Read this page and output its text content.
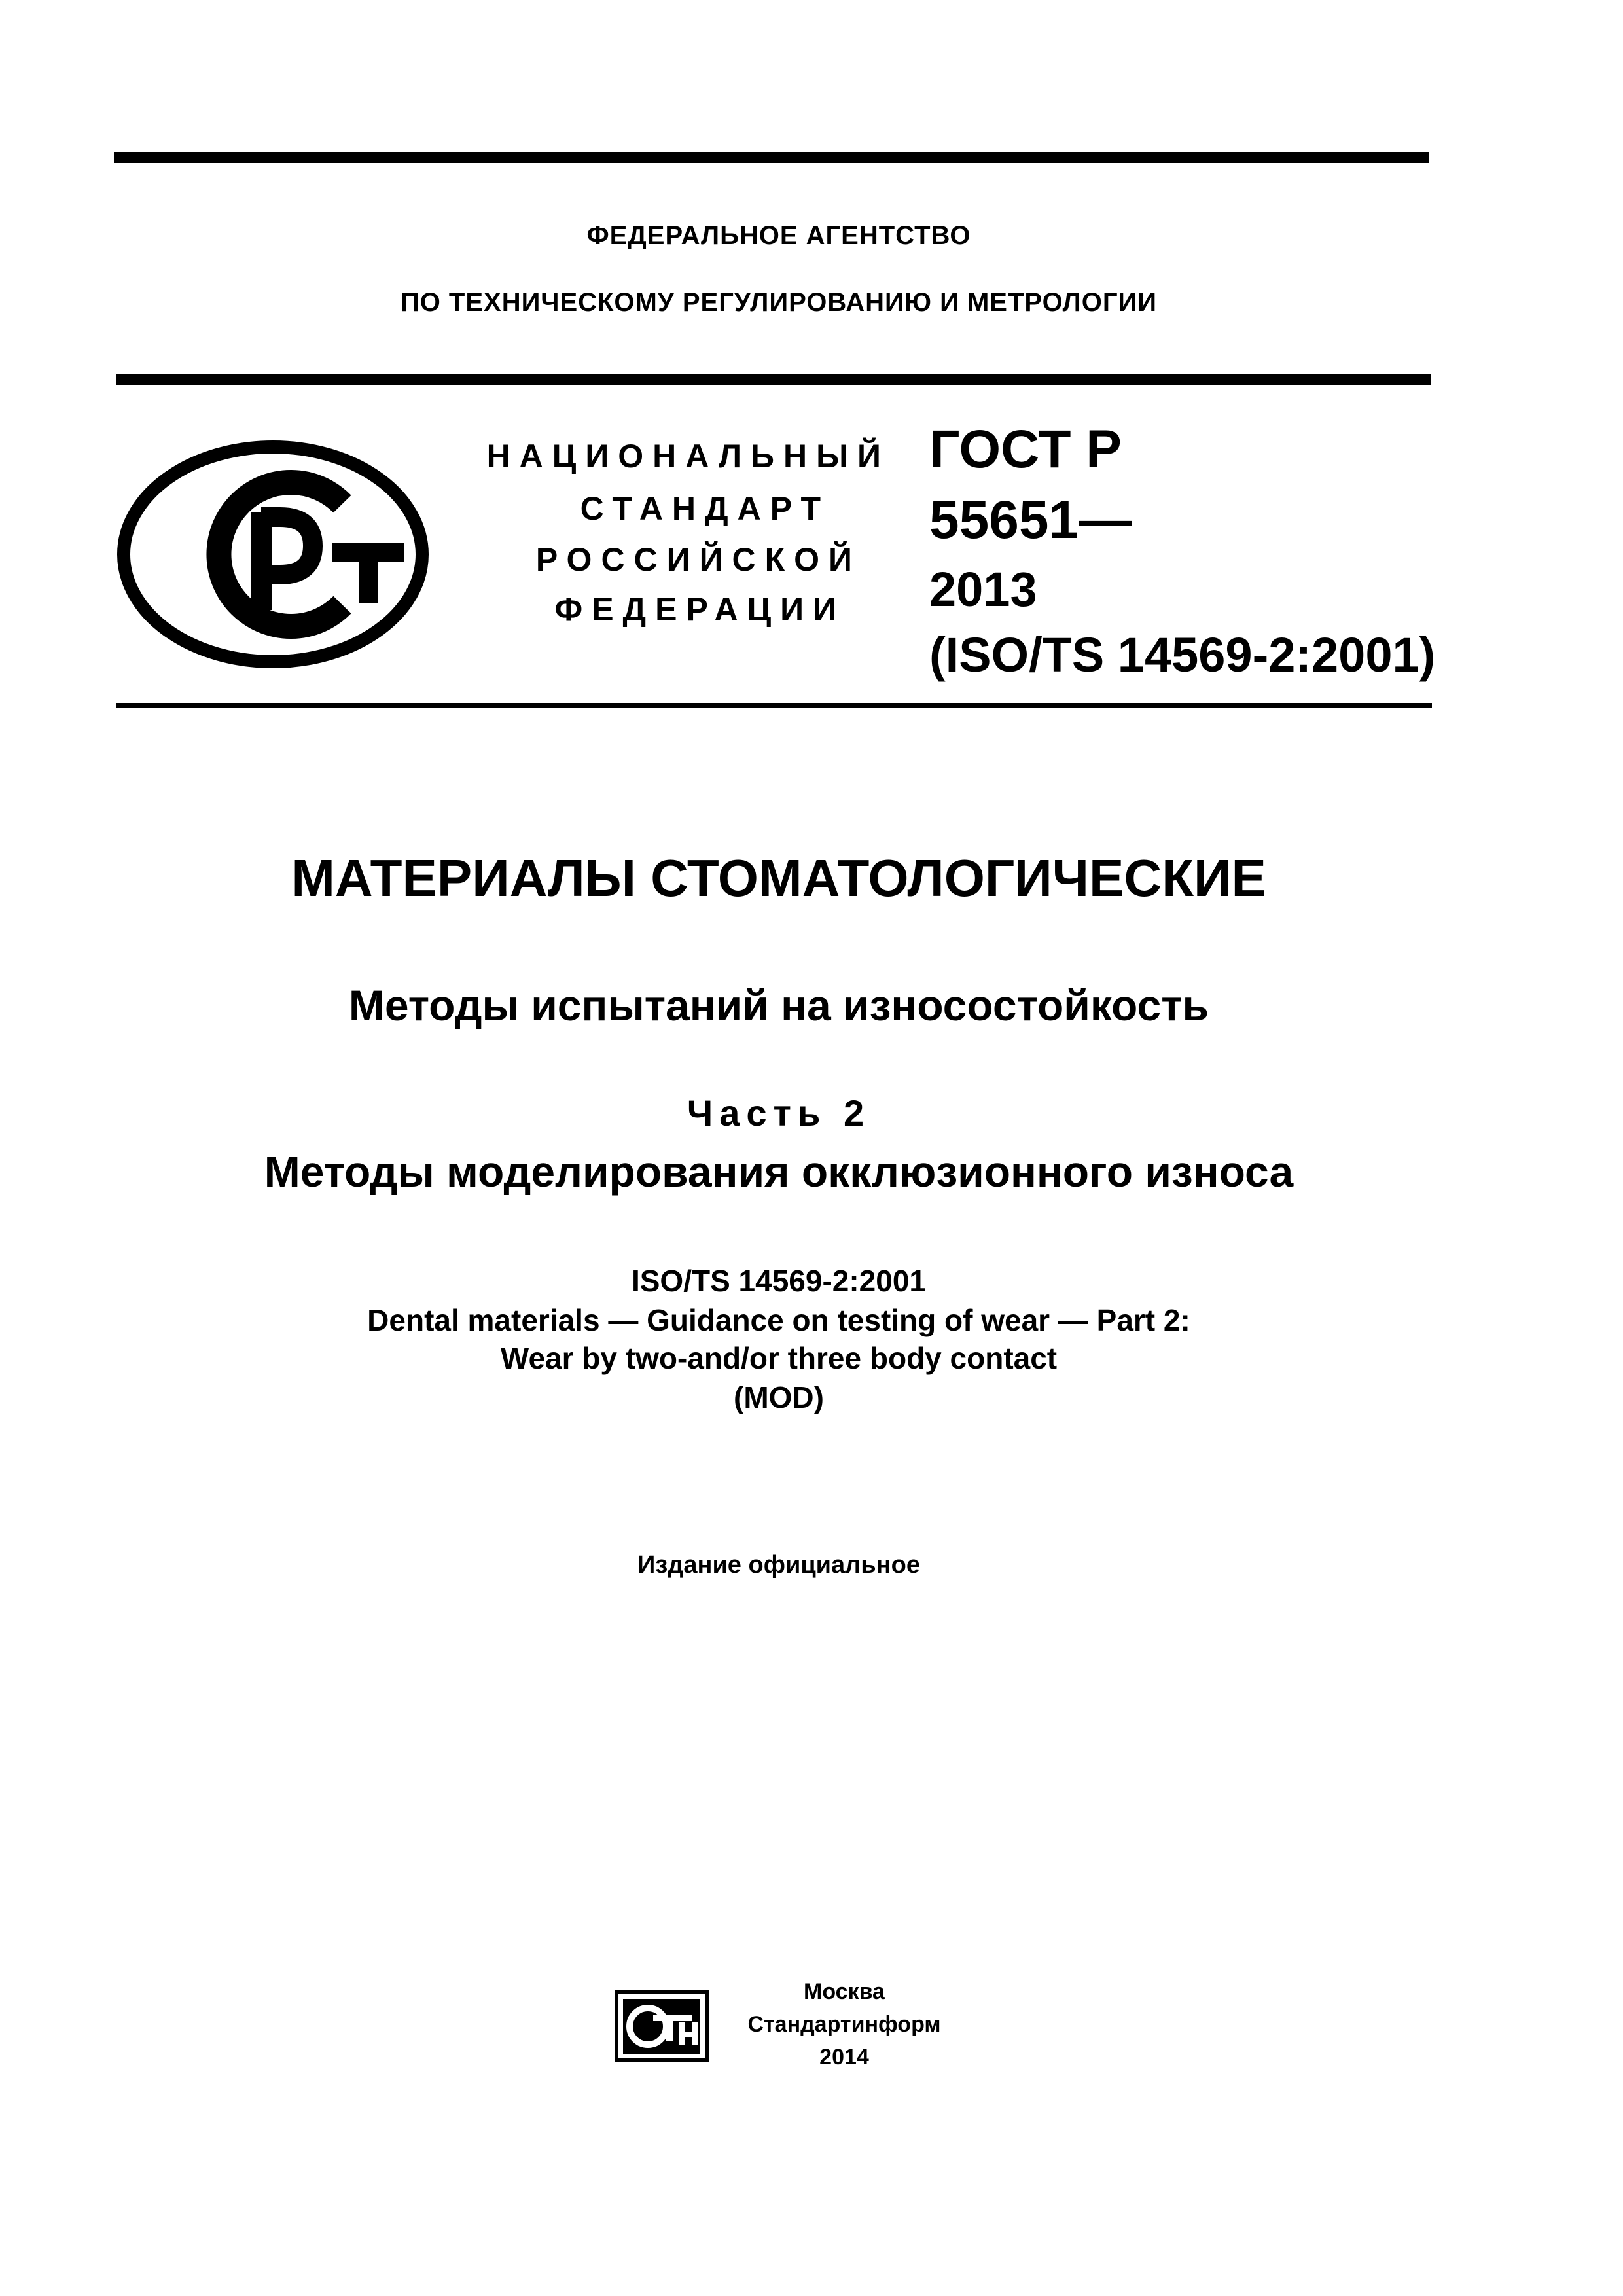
ФЕДЕРАЛЬНОЕ АГЕНТСТВО
ПО ТЕХНИЧЕСКОМУ РЕГУЛИРОВАНИЮ И МЕТРОЛОГИИ
РСТ	НАЦИОНАЛЬНЫЙ
СТАНДАРТ
РОССИЙСКОЙ
ФЕДЕРАЦИИ
ГОСТ Р
55651—
2013
(ISO/TS 14569-2:2001)
МАТЕРИАЛЫ СТОМАТОЛОГИЧЕСКИЕ
Методы испытаний на износостойкость
Часть 2
Методы моделирования окклюзионного износа
ISO/TS 14569-2:2001
Dental materials — Guidance on testing of wear — Part 2:
Wear by two-and/or three body contact
(MOD)
Издание официальное
СТИ	Москва
Стандартинформ
2014
